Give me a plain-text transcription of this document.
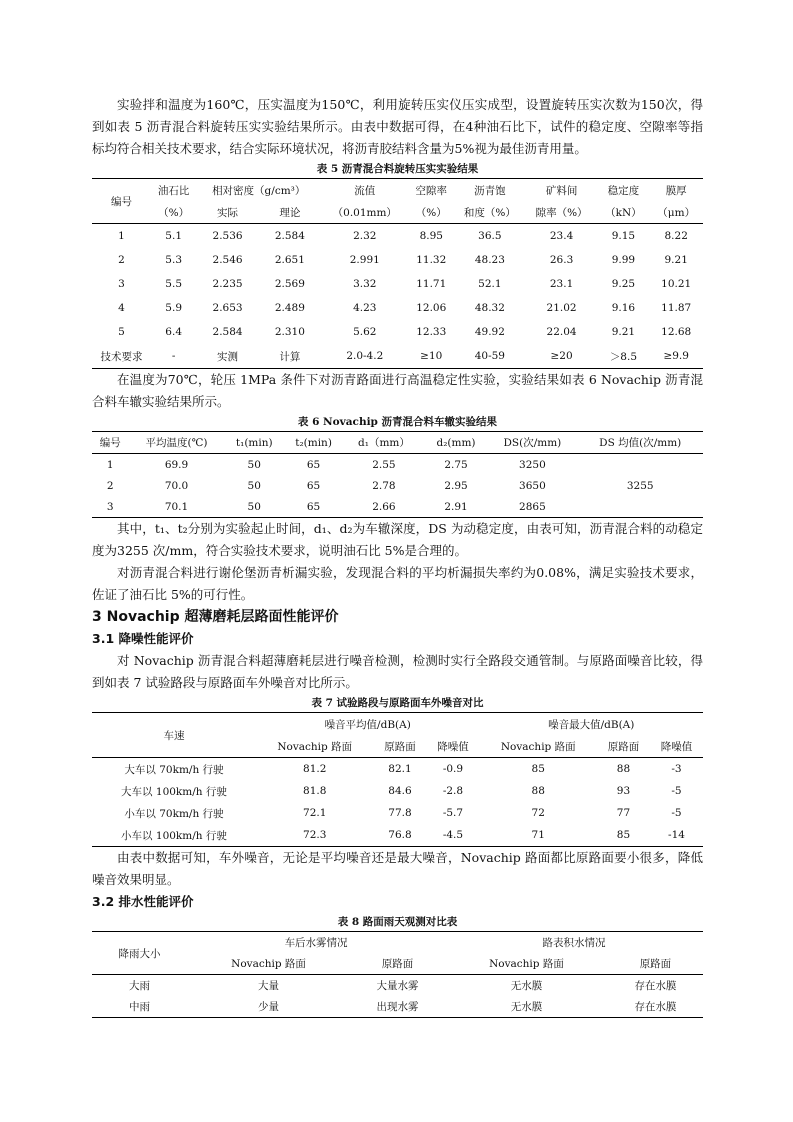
实验拌和温度为160℃，压实温度为150℃，利用旋转压实仪压实成型，设置旋转压实次数为150次，得到如表 5 沥青混合料旋转压实实验结果所示。由表中数据可得，在4种油石比下，试件的稳定度、空隙率等指标均符合相关技术要求，结合实际环境状况，将沥青胶结料含量为5%视为最佳沥青用量。

表 5 沥青混合料旋转压实实验结果

编号	油石比	相对密度（g/cm³）		流值	空隙率	沥青饱	矿料间	稳定度	膜厚
	（%）	实际	理论	（0.01mm）	（%）	和度（%）	隙率（%）	（kN）	（μm）
1	5.1	2.536	2.584	2.32	8.95	36.5	23.4	9.15	8.22
2	5.3	2.546	2.651	2.991	11.32	48.23	26.3	9.99	9.21
3	5.5	2.235	2.569	3.32	11.71	52.1	23.1	9.25	10.21
4	5.9	2.653	2.489	4.23	12.06	48.32	21.02	9.16	11.87
5	6.4	2.584	2.310	5.62	12.33	49.92	22.04	9.21	12.68
技术要求	-	实测	计算	2.0-4.2	≥10	40-59	≥20	＞8.5	≥9.9

在温度为70℃，轮压 1MPa 条件下对沥青路面进行高温稳定性实验，实验结果如表 6 Novachip 沥青混合料车辙实验结果所示。

表 6 Novachip 沥青混合料车辙实验结果

编号	平均温度(℃)	t₁(min)	t₂(min)	d₁（mm）	d₂(mm)	DS(次/mm)	DS 均值(次/mm)
1	69.9	50	65	2.55	2.75	3250	3255
2	70.0	50	65	2.78	2.95	3650	
3	70.1	50	65	2.66	2.91	2865	

其中，t₁、t₂分别为实验起止时间，d₁、d₂为车辙深度，DS 为动稳定度，由表可知，沥青混合料的动稳定度为3255 次/mm，符合实验技术要求，说明油石比 5%是合理的。

对沥青混合料进行谢伦堡沥青析漏实验，发现混合料的平均析漏损失率约为0.08%，满足实验技术要求，佐证了油石比 5%的可行性。

3 Novachip 超薄磨耗层路面性能评价
3.1 降噪性能评价

对 Novachip 沥青混合料超薄磨耗层进行噪音检测，检测时实行全路段交通管制。与原路面噪音比较，得到如表 7 试验路段与原路面车外噪音对比所示。

表 7 试验路段与原路面车外噪音对比

车速	噪音平均值/dB(A)			噪音最大值/dB(A)		
	Novachip 路面	原路面	降噪值	Novachip 路面	原路面	降噪值
大车以 70km/h 行驶	81.2	82.1	-0.9	85	88	-3
大车以 100km/h 行驶	81.8	84.6	-2.8	88	93	-5
小车以 70km/h 行驶	72.1	77.8	-5.7	72	77	-5
小车以 100km/h 行驶	72.3	76.8	-4.5	71	85	-14

由表中数据可知，车外噪音，无论是平均噪音还是最大噪音，Novachip 路面都比原路面要小很多，降低噪音效果明显。

3.2 排水性能评价

表 8 路面雨天观测对比表

降雨大小	车后水雾情况		路表积水情况	
	Novachip 路面	原路面	Novachip 路面	原路面
大雨	大量	大量水雾	无水膜	存在水膜
中雨	少量	出现水雾	无水膜	存在水膜
